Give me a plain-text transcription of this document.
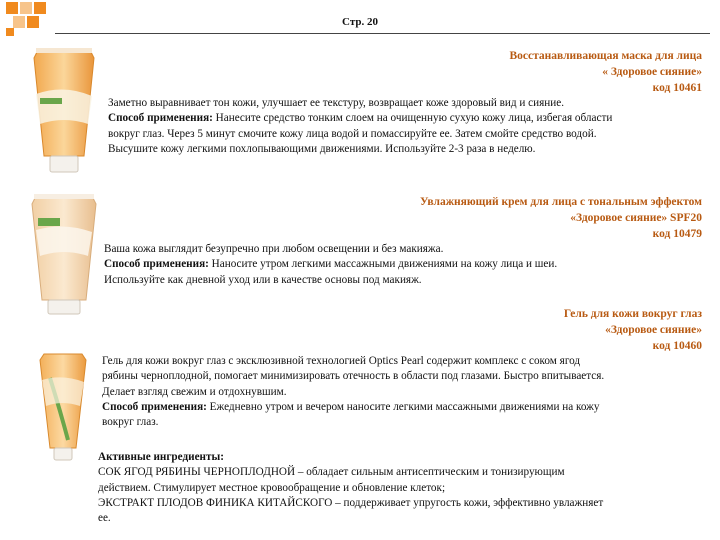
Стр. 20
Восстанавливающая маска для лица
« Здоровое сияние»
код 10461
Заметно выравнивает тон кожи, улучшает ее текстуру, возвращает коже здоровый вид и сияние.
Способ применения: Нанесите средство тонким слоем на очищенную сухую кожу лица, избегая области
вокруг глаз. Через 5 минут смочите кожу лица водой и помассируйте ее. Затем смойте средство водой.
Высушите кожу легкими похлопывающими движениями. Используйте 2-3 раза в неделю.
Увлажняющий крем для лица с тональным эффектом
«Здоровое сияние» SPF20
код 10479
Ваша кожа выглядит безупречно при любом освещении и без макияжа.
Способ применения: Наносите утром легкими массажными движениями на кожу лица и шеи.
Используйте как дневной уход или в качестве основы под макияж.
Гель для кожи вокруг глаз
«Здоровое сияние»
код 10460
Гель для кожи вокруг глаз с эксклюзивной технологией Optics Pearl содержит комплекс с соком ягод
рябины черноплодной, помогает минимизировать отечность в области под глазами. Быстро впитывается.
Делает взгляд свежим и отдохнувшим.
Способ применения: Ежедневно утром и вечером наносите легкими массажными движениями на кожу
вокруг глаз.
Активные ингредиенты:
СОК ЯГОД РЯБИНЫ ЧЕРНОПЛОДНОЙ – обладает сильным антисептическим и тонизирующим
действием. Стимулирует местное кровообращение и обновление клеток;
ЭКСТРАКТ ПЛОДОВ ФИНИКА КИТАЙСКОГО – поддерживает упругость кожи, эффективно увлажняет
ее.
